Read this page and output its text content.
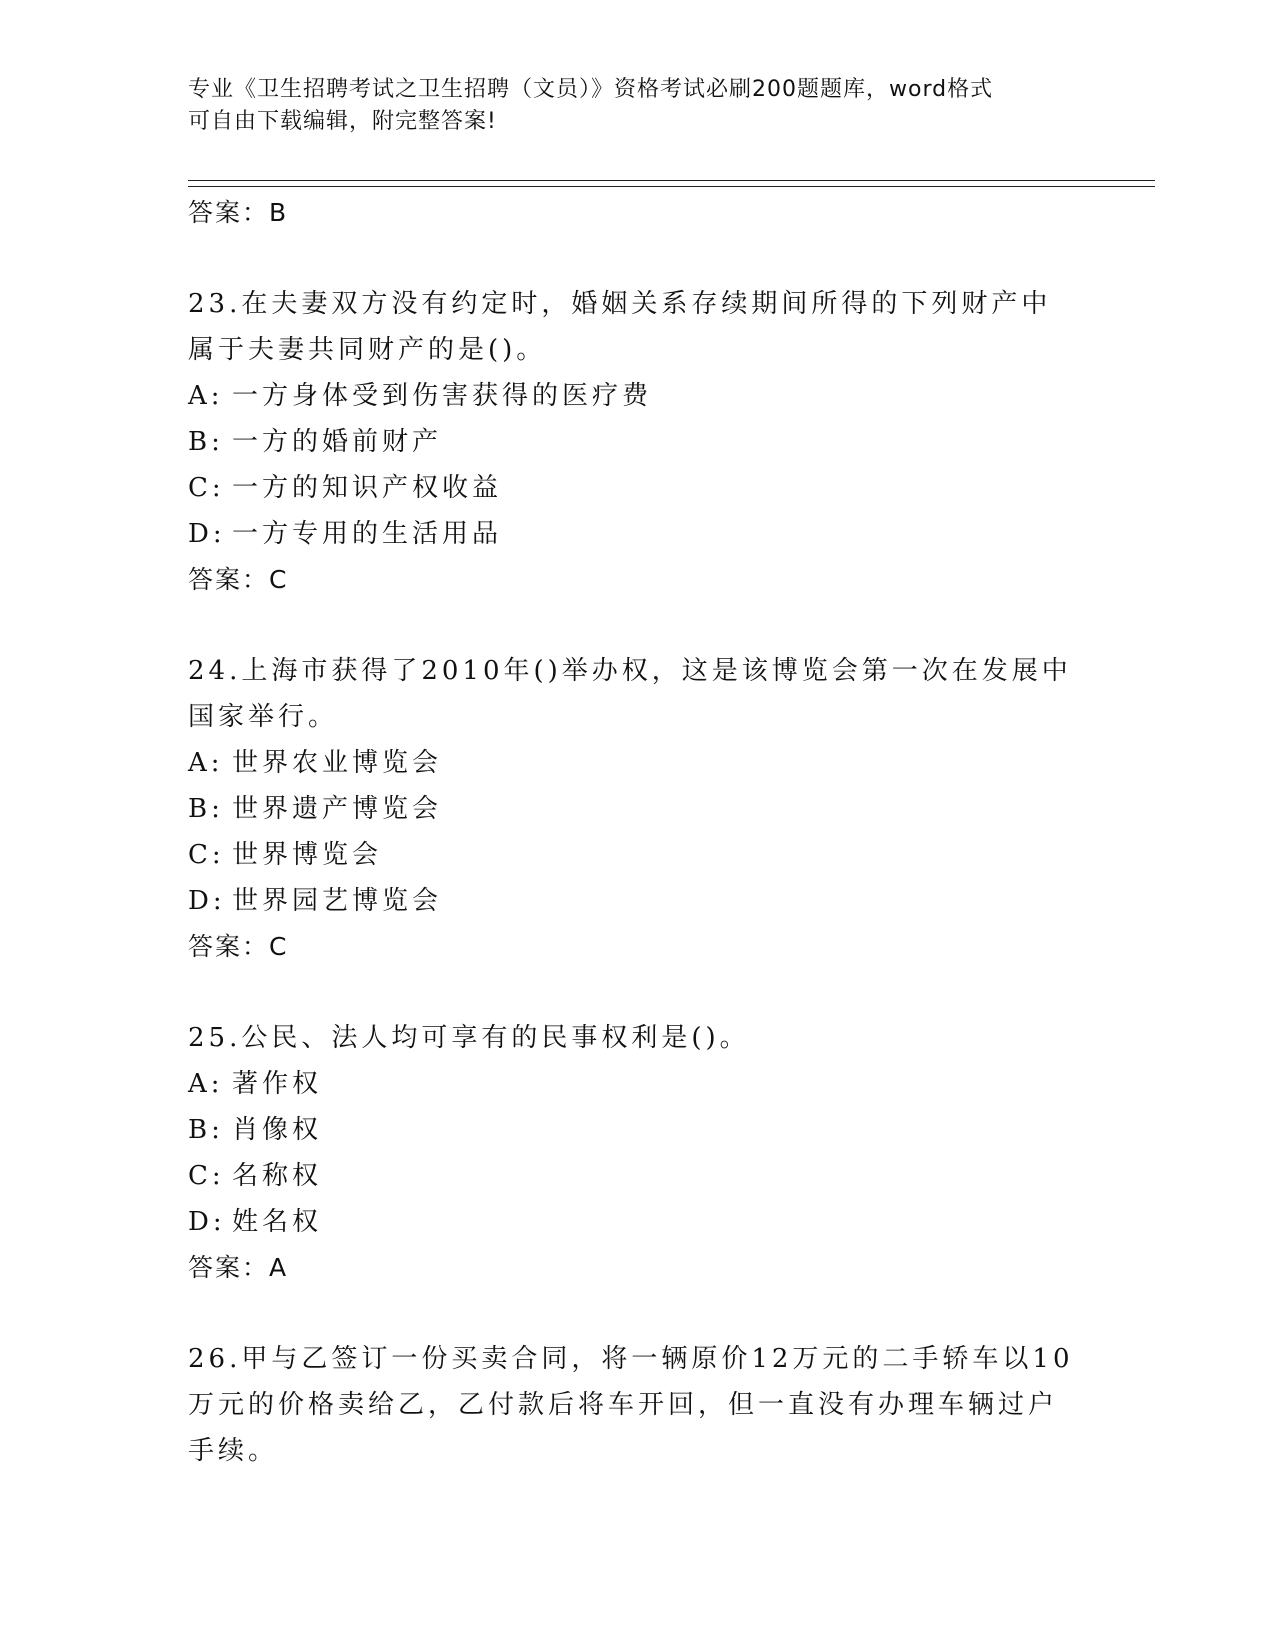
专业《卫生招聘考试之卫生招聘（文员）》资格考试必刷200题题库，word格式
可自由下载编辑，附完整答案!
答案：B
23.在夫妻双方没有约定时，婚姻关系存续期间所得的下列财产中属于夫妻共同财产的是()。
A: 一方身体受到伤害获得的医疗费
B: 一方的婚前财产
C: 一方的知识产权收益
D: 一方专用的生活用品
答案：C
24.上海市获得了2010年()举办权，这是该博览会第一次在发展中国家举行。
A: 世界农业博览会
B: 世界遗产博览会
C: 世界博览会
D: 世界园艺博览会
答案：C
25.公民、法人均可享有的民事权利是()。
A: 著作权
B: 肖像权
C: 名称权
D: 姓名权
答案：A
26.甲与乙签订一份买卖合同，将一辆原价12万元的二手轿车以10万元的价格卖给乙，乙付款后将车开回，但一直没有办理车辆过户手续。
